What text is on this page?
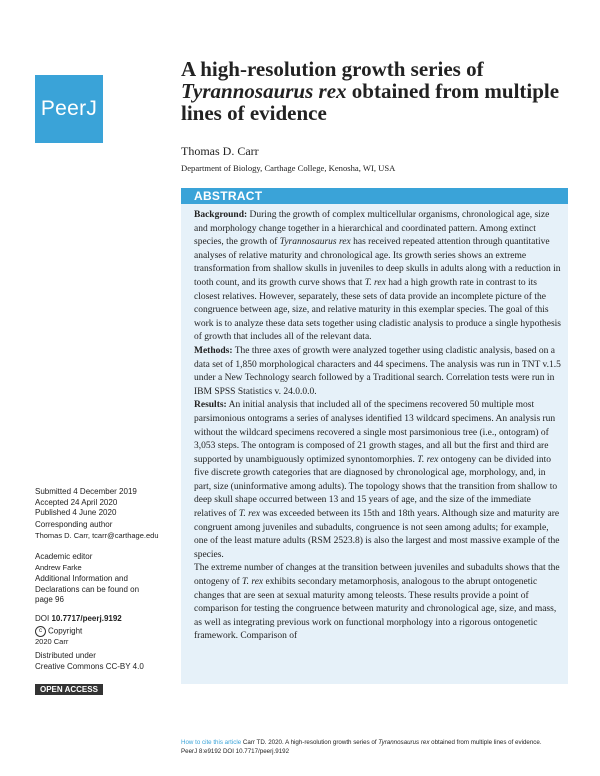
PeerJ
A high-resolution growth series of
Tyrannosaurus rex obtained from multiple
lines of evidence
Thomas D. Carr
Department of Biology, Carthage College, Kenosha, WI, USA
ABSTRACT

Background: During the growth of complex multicellular organisms, chronological age, size and morphology change together in a hierarchical and coordinated pattern. Among extinct species, the growth of Tyrannosaurus rex has received repeated attention through quantitative analyses of relative maturity and chronological age. Its growth series shows an extreme transformation from shallow skulls in juveniles to deep skulls in adults along with a reduction in tooth count, and its growth curve shows that T. rex had a high growth rate in contrast to its closest relatives. However, separately, these sets of data provide an incomplete picture of the congruence between age, size, and relative maturity in this exemplar species. The goal of this work is to analyze these data sets together using cladistic analysis to produce a single hypothesis of growth that includes all of the relevant data.

Methods: The three axes of growth were analyzed together using cladistic analysis, based on a data set of 1,850 morphological characters and 44 specimens. The analysis was run in TNT v.1.5 under a New Technology search followed by a Traditional search. Correlation tests were run in IBM SPSS Statistics v. 24.0.0.0.

Results: An initial analysis that included all of the specimens recovered 50 multiple most parsimonious ontograms a series of analyses identified 13 wildcard specimens. An analysis run without the wildcard specimens recovered a single most parsimonious tree (i.e., ontogram) of 3,053 steps. The ontogram is composed of 21 growth stages, and all but the first and third are supported by unambiguously optimized synontomorphies. T. rex ontogeny can be divided into five discrete growth categories that are diagnosed by chronological age, morphology, and, in part, size (uninformative among adults). The topology shows that the transition from shallow to deep skull shape occurred between 13 and 15 years of age, and the size of the immediate relatives of T. rex was exceeded between its 15th and 18th years. Although size and maturity are congruent among juveniles and subadults, congruence is not seen among adults; for example, one of the least mature adults (RSM 2523.8) is also the largest and most massive example of the species.

The extreme number of changes at the transition between juveniles and subadults shows that the ontogeny of T. rex exhibits secondary metamorphosis, analogous to the abrupt ontogenetic changes that are seen at sexual maturity among teleosts. These results provide a point of comparison for testing the congruence between maturity and chronological age, size, and mass, as well as integrating previous work on functional morphology into a rigorous ontogenetic framework. Comparison of

Submitted 4 December 2019
Accepted 24 April 2020
Published 4 June 2020
Corresponding author
Thomas D. Carr, tcarr@carthage.edu
Academic editor
Andrew Farke
Additional Information and
Declarations can be found on
page 96
DOI 10.7717/peerj.9192
c Copyright
2020 Carr
Distributed under
Creative Commons CC-BY 4.0
OPEN ACCESS
How to cite this article Carr TD. 2020. A high-resolution growth series of Tyrannosaurus rex obtained from multiple lines of evidence.
PeerJ 8:e9192 DOI 10.7717/peerj.9192
